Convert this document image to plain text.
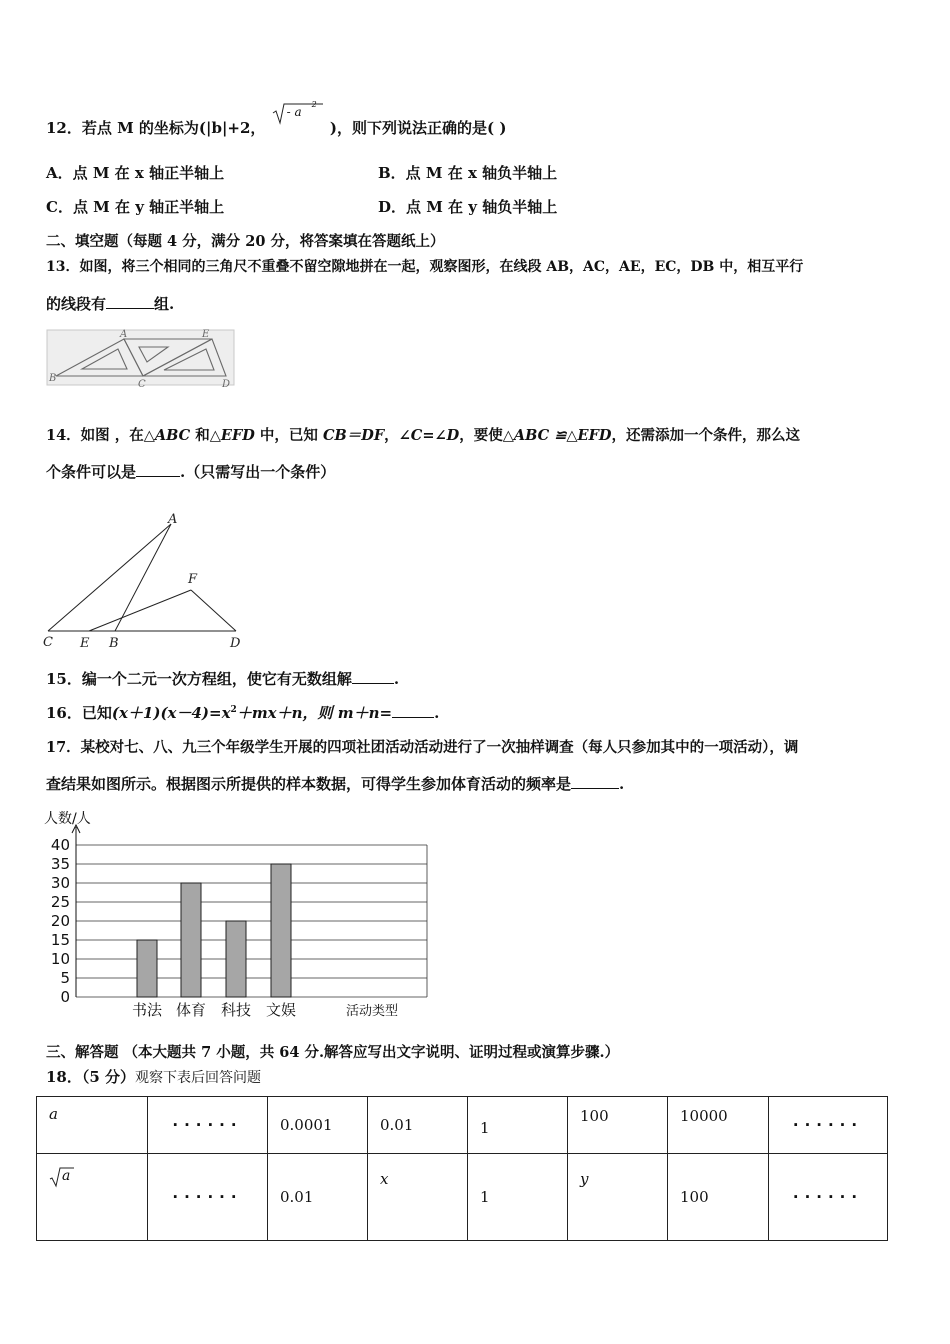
12．若点 M 的坐标为(|b|+2，
- a
2
)，则下列说法正确的是( )
A．点 M 在 x 轴正半轴上	B．点 M 在 x 轴负半轴上
C．点 M 在 y 轴正半轴上	D．点 M 在 y 轴负半轴上
二、填空题（每题 4 分，满分 20 分，将答案填在答题纸上）
13．如图，将三个相同的三角尺不重叠不留空隙地拼在一起，观察图形，在线段 AB，AC，AE，EC，DB 中，相互平行
的线段有	组.
A	E
B
C	D
14．如图 ，在△ABC 和△EFD 中，已知 CB＝DF，∠C=∠D，要使△ABC ≌△EFD，还需添加一个条件，那么这
个条件可以是	.（只需写出一个条件）
A
F
C E B	D
15．编一个二元一次方程组，使它有无数组解	.
16．已知$(x+1)(x-4)=x^2+mx+n$，则 m＋n=	.
17．某校对七、八、九三个年级学生开展的四项社团活动活动进行了一次抽样调查（每人只参加其中的一项活动），调
查结果如图所示。根据图示所提供的样本数据，可得学生参加体育活动的频率是	.
人数/人
0
5
10
15
20
25
30
35
40
书法 体育 科技 文娱	活动类型
三、解答题 （本大题共 7 小题，共 64 分.解答应写出文字说明、证明过程或演算步骤.）
18．（5 分）观察下表后回答问题
a	······	0.0001	0.01	1	100	10000	······

a	······	0.01	x	1	y	100	······
